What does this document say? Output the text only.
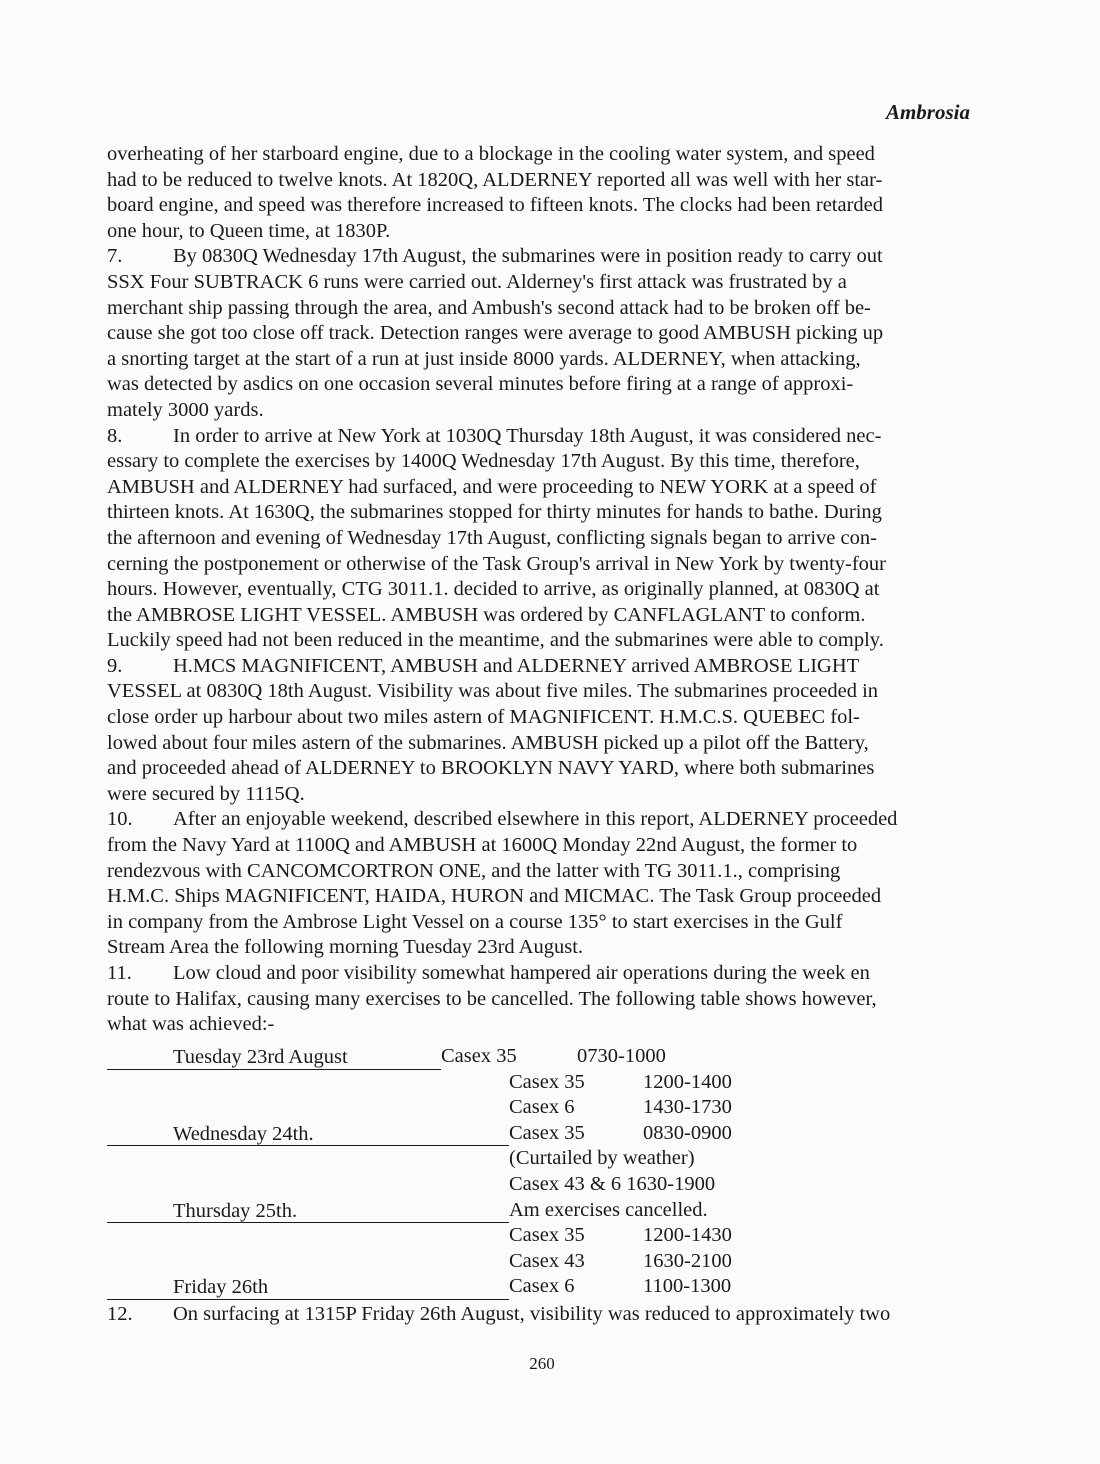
Ambrosia
overheating of her starboard engine, due to a blockage in the cooling water system, and speed
had to be reduced to twelve knots. At 1820Q, ALDERNEY reported all was well with her star-
board engine, and speed was therefore increased to fifteen knots. The clocks had been retarded
one hour, to Queen time, at 1830P.
7. By 0830Q Wednesday 17th August, the submarines were in position ready to carry out
SSX Four SUBTRACK 6 runs were carried out. Alderney's first attack was frustrated by a
merchant ship passing through the area, and Ambush's second attack had to be broken off be-
cause she got too close off track. Detection ranges were average to good AMBUSH picking up
a snorting target at the start of a run at just inside 8000 yards. ALDERNEY, when attacking,
was detected by asdics on one occasion several minutes before firing at a range of approxi-
mately 3000 yards.
8. In order to arrive at New York at 1030Q Thursday 18th August, it was considered nec-
essary to complete the exercises by 1400Q Wednesday 17th August. By this time, therefore,
AMBUSH and ALDERNEY had surfaced, and were proceeding to NEW YORK at a speed of
thirteen knots. At 1630Q, the submarines stopped for thirty minutes for hands to bathe. During
the afternoon and evening of Wednesday 17th August, conflicting signals began to arrive con-
cerning the postponement or otherwise of the Task Group's arrival in New York by twenty-four
hours. However, eventually, CTG 3011.1. decided to arrive, as originally planned, at 0830Q at
the AMBROSE LIGHT VESSEL. AMBUSH was ordered by CANFLAGLANT to conform.
Luckily speed had not been reduced in the meantime, and the submarines were able to comply.
9. H.MCS MAGNIFICENT, AMBUSH and ALDERNEY arrived AMBROSE LIGHT
VESSEL at 0830Q 18th August. Visibility was about five miles. The submarines proceeded in
close order up harbour about two miles astern of MAGNIFICENT. H.M.C.S. QUEBEC fol-
lowed about four miles astern of the submarines. AMBUSH picked up a pilot off the Battery,
and proceeded ahead of ALDERNEY to BROOKLYN NAVY YARD, where both submarines
were secured by 1115Q.
10. After an enjoyable weekend, described elsewhere in this report, ALDERNEY proceeded
from the Navy Yard at 1100Q and AMBUSH at 1600Q Monday 22nd August, the former to
rendezvous with CANCOMCORTRON ONE, and the latter with TG 3011.1., comprising
H.M.C. Ships MAGNIFICENT, HAIDA, HURON and MICMAC. The Task Group proceeded
in company from the Ambrose Light Vessel on a course 135° to start exercises in the Gulf
Stream Area the following morning Tuesday 23rd August.
11. Low cloud and poor visibility somewhat hampered air operations during the week en
route to Halifax, causing many exercises to be cancelled. The following table shows however,
what was achieved:-
Tuesday 23rd August	Casex 35	0730-1000
Casex 35	1200-1400
Casex 6	1430-1730
Wednesday 24th.	Casex 35	0830-0900
(Curtailed by weather)
Casex 43 & 6 1630-1900
Thursday 25th.	Am exercises cancelled.
Casex 35	1200-1430
Casex 43	1630-2100
Friday 26th	Casex 6	1100-1300
12. On surfacing at 1315P Friday 26th August, visibility was reduced to approximately two
260
